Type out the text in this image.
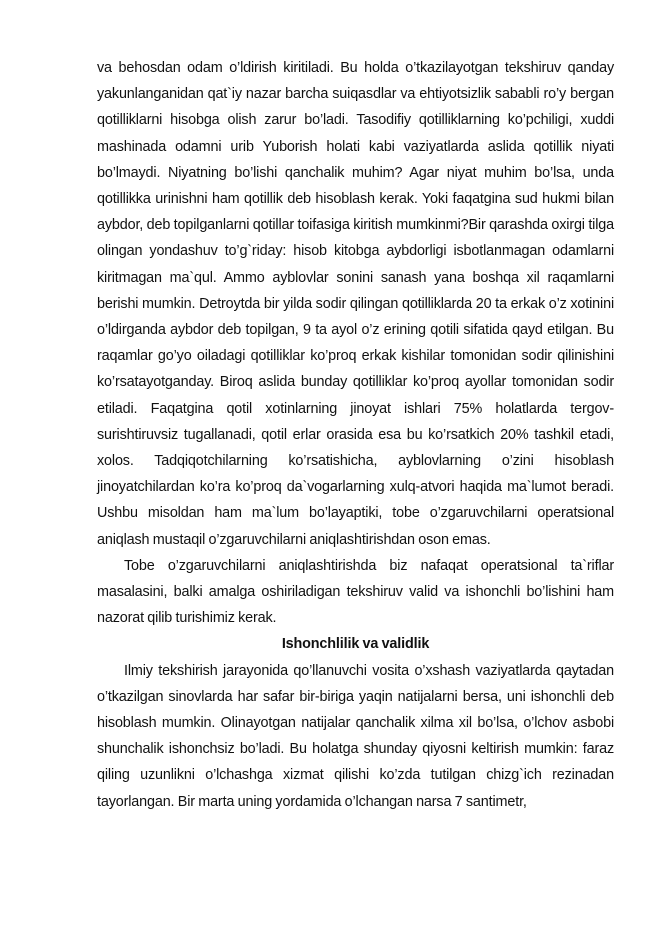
va behosdan odam o’ldirish kiritiladi. Bu holda o’tkazilayotgan tekshiruv qanday yakunlanganidan qat`iy nazar barcha suiqasdlar va ehtiyotsizlik sababli ro’y bergan qotilliklarni hisobga olish zarur bo’ladi. Tasodifiy qotilliklarning ko’pchiligi, xuddi mashinada odamni urib Yuborish holati kabi vaziyatlarda aslida qotillik niyati bo’lmaydi. Niyatning bo’lishi qanchalik muhim? Agar niyat muhim bo’lsa, unda qotillikka urinishni ham qotillik deb hisoblash kerak. Yoki faqatgina sud hukmi bilan aybdor, deb topilganlarni qotillar toifasiga kiritish mumkinmi?Bir qarashda oxirgi tilga olingan yondashuv to’g`riday: hisob kitobga aybdorligi isbotlanmagan odamlarni kiritmagan ma`qul. Ammo ayblovlar sonini sanash yana boshqa xil raqamlarni berishi mumkin. Detroytda bir yilda sodir qilingan qotilliklarda 20 ta erkak o’z xotinini o’ldirganda aybdor deb topilgan, 9 ta ayol o’z erining qotili sifatida qayd etilgan. Bu raqamlar go’yo oiladagi qotilliklar ko’proq erkak kishilar tomonidan sodir qilinishini ko’rsatayotganday. Biroq aslida bunday qotilliklar ko’proq ayollar tomonidan sodir etiladi. Faqatgina qotil xotinlarning jinoyat ishlari 75% holatlarda tergov-surishtiruvsiz tugallanadi, qotil erlar orasida esa bu ko’rsatkich 20% tashkil etadi, xolos. Tadqiqotchilarning ko’rsatishicha, ayblovlarning o’zini hisoblash jinoyatchilardan ko’ra ko’proq da`vogarlarning xulq-atvori haqida ma`lumot beradi. Ushbu misoldan ham ma`lum bo’layaptiki, tobe o’zgaruvchilarni operatsional aniqlash mustaqil o’zgaruvchilarni aniqlashtirishdan oson emas.

Tobe o’zgaruvchilarni aniqlashtirishda biz nafaqat operatsional ta`riflar masalasini, balki amalga oshiriladigan tekshiruv valid va ishonchli bo’lishini ham nazorat qilib turishimiz kerak.

Ishonchlilik va validlik

Ilmiy tekshirish jarayonida qo’llanuvchi vosita o’xshash vaziyatlarda qaytadan o’tkazilgan sinovlarda har safar bir-biriga yaqin natijalarni bersa, uni ishonchli deb hisoblash mumkin. Olinayotgan natijalar qanchalik xilma xil bo’lsa, o’lchov asbobi shunchalik ishonchsiz bo’ladi. Bu holatga shunday qiyosni keltirish mumkin: faraz qiling uzunlikni o’lchashga xizmat qilishi ko’zda tutilgan chizg`ich rezinadan tayorlangan. Bir marta uning yordamida o’lchangan narsa 7 santimetr,
